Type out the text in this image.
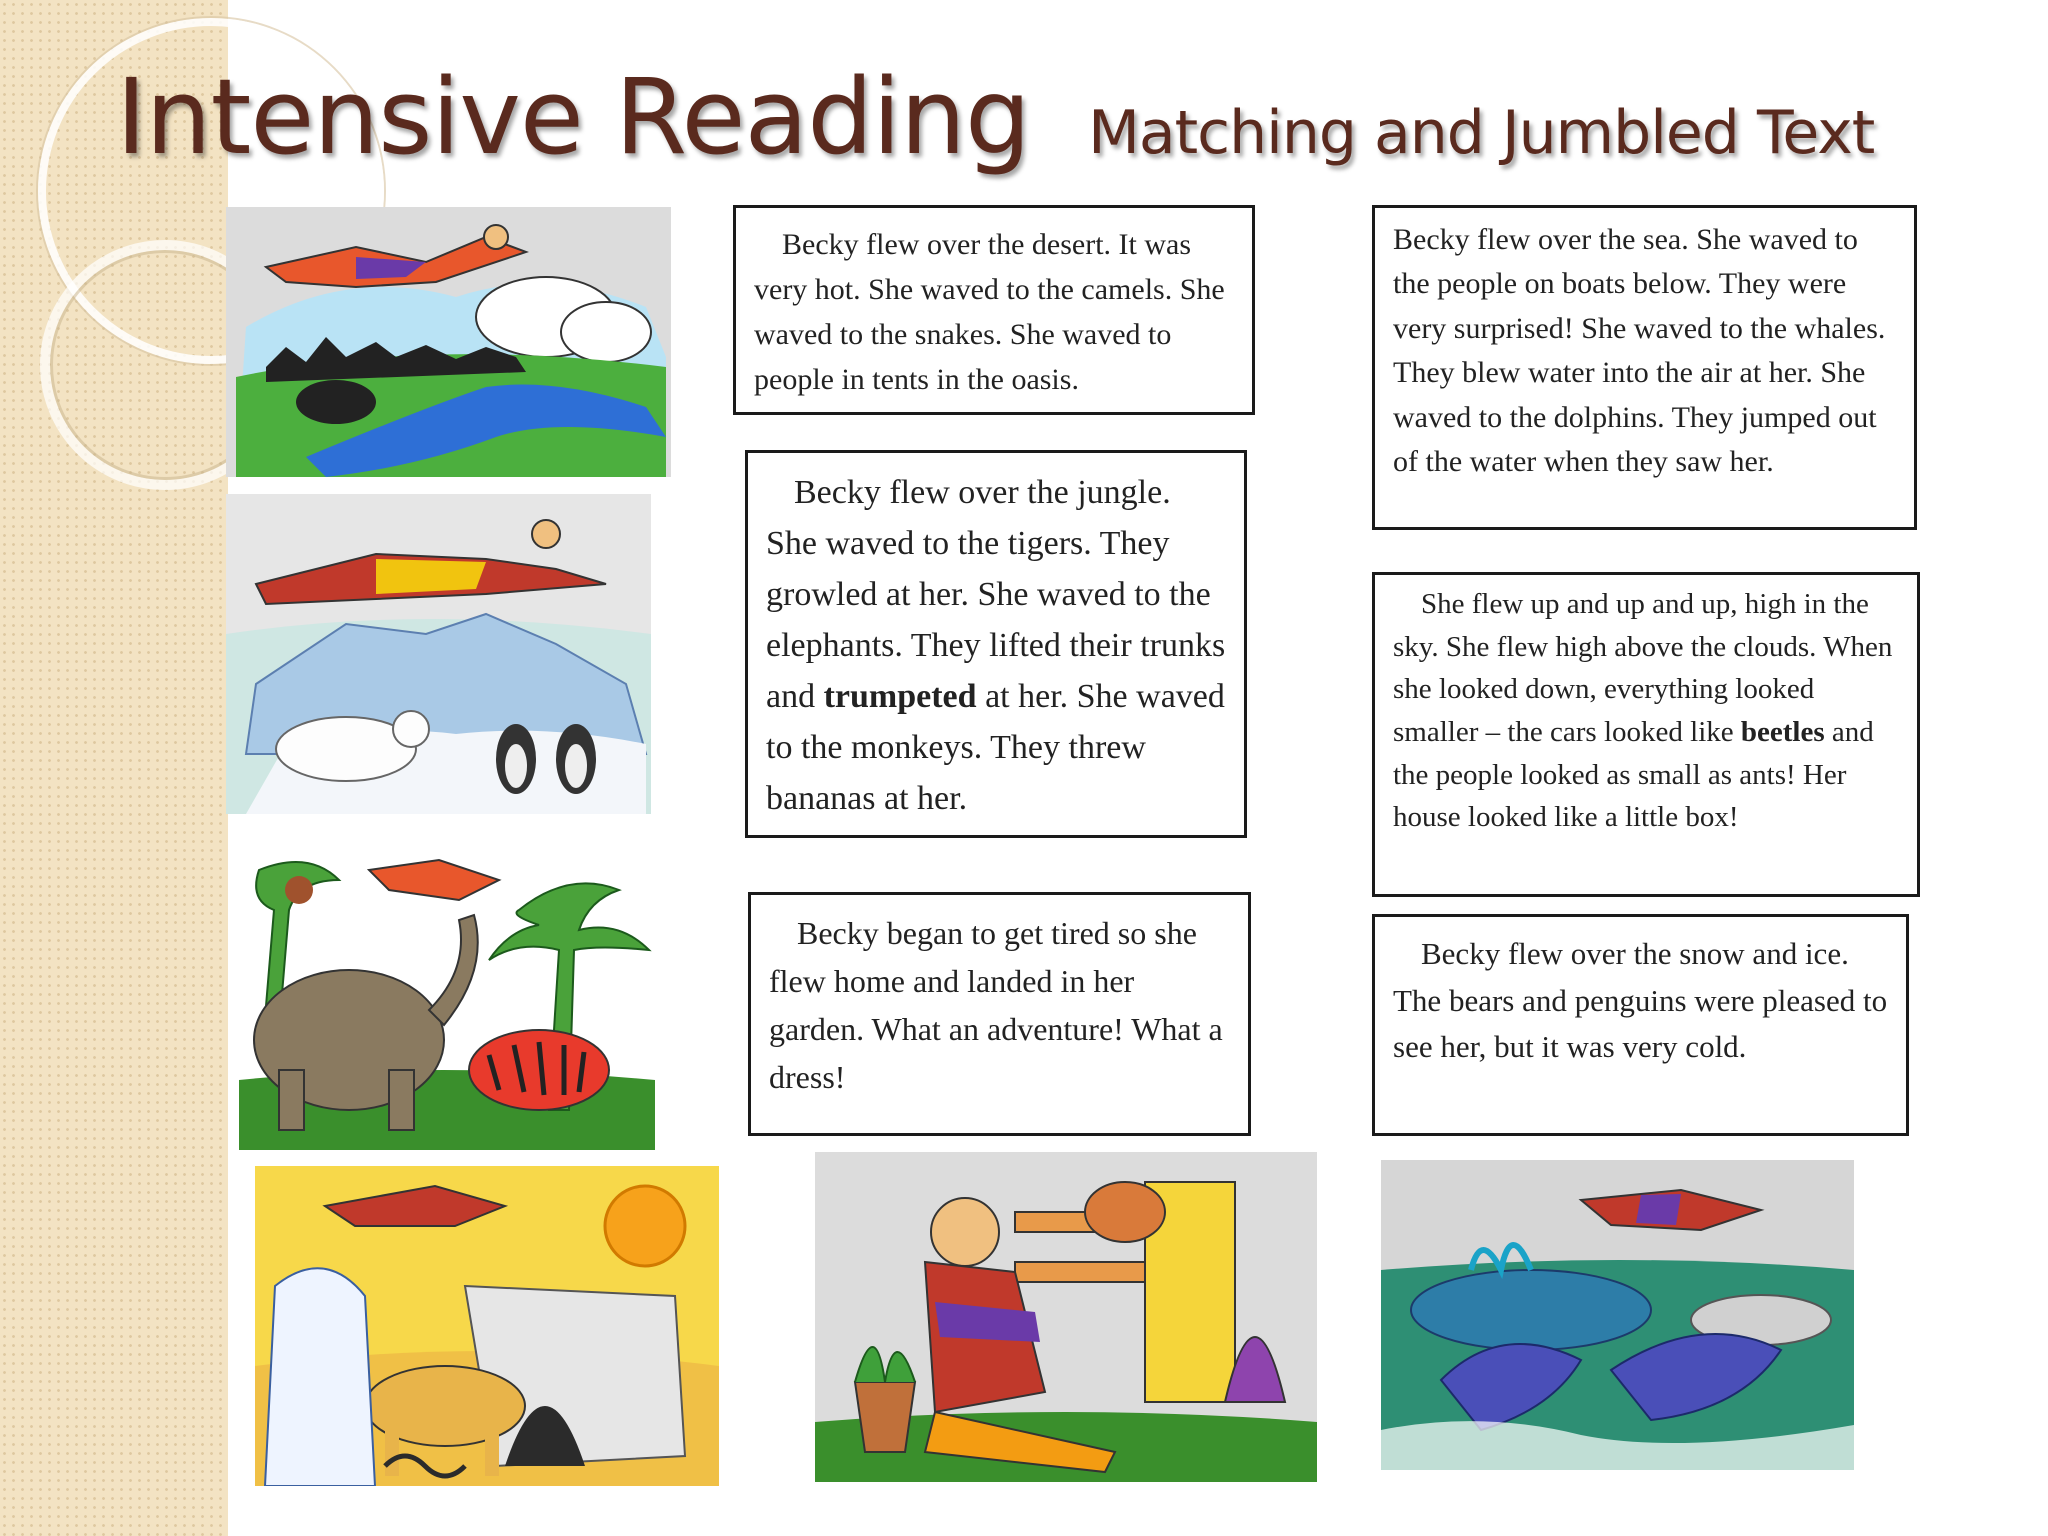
Intensive Reading Matching and Jumbled Text

Becky flew over the desert. It was very hot. She waved to the camels. She waved to the snakes. She waved to people in tents in the oasis.

Becky flew over the sea. She waved to the people on boats below. They were very surprised! She waved to the whales. They blew water into the air at her. She waved to the dolphins. They jumped out of the water when they saw her.

Becky flew over the jungle. She waved to the tigers. They growled at her. She waved to the elephants. They lifted their trunks and trumpeted at her. She waved to the monkeys. They threw bananas at her.

She flew up and up and up, high in the sky. She flew high above the clouds. When she looked down, everything looked smaller – the cars looked like beetles and the people looked as small as ants! Her house looked like a little box!

Becky began to get tired so she flew home and landed in her garden. What an adventure! What a dress!

Becky flew over the snow and ice. The bears and penguins were pleased to see her, but it was very cold.
